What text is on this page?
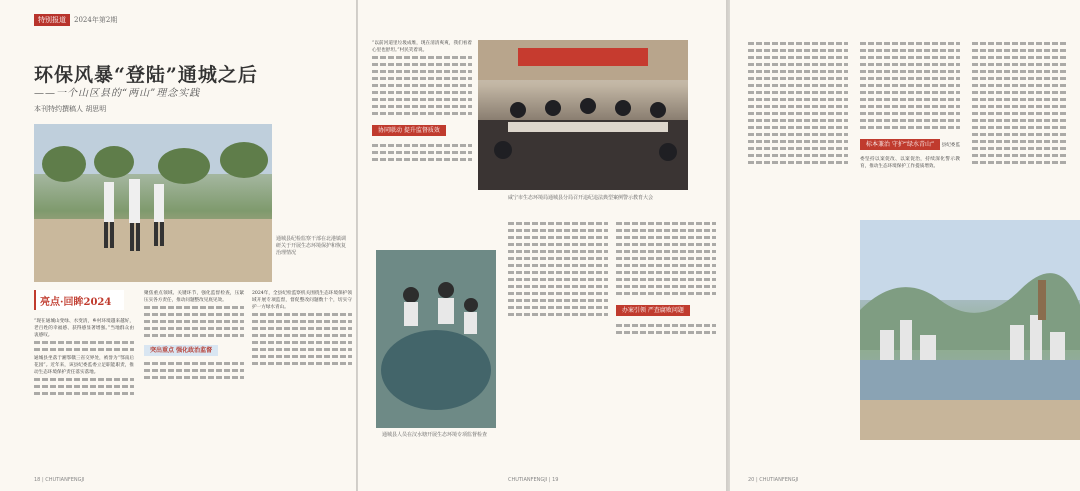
特别报道	2024年第2期
环保风暴“登陆”通城之后
——一个山区县的“两山”理念实践
本刊特约撰稿人 胡思明
通城县纪检监察干部在北港镇调研关于开展生态环境保护和恢复治理情况
亮点·回眸2024
“现在通城山变绿、水变清，乡村环境越来越好，老百姓的幸福感、获得感显著增强。”当地群众由衷感叹。
通城县坐落于湘鄂赣三省交界处，被誉为“鄂南后花园”。近年来，该县纪委监委立足职能职责，推动生态环境保护责任落实落地。
聚焦重点领域、关键环节，强化监督检查，压紧压实各方责任，推动问题整改见底见效。
突出重点 强化政治监督
2024年，全县纪检监察机关围绕生态环境保护领域开展专项监督，督促整改问题数十个，切实守护一方绿水青山。
18 | CHUTIANFENGJI
“以前河道里垃圾成堆，现在清清爽爽，我们看着心里也舒坦。”村民笑着说。
协同联动 提升监督质效
咸宁市生态环境局通城县分局召开违纪违法典型案例警示教育大会
通城县人员在汉水塘开展生态环境专项监督检查
办案引领 严查腐败问题
CHUTIANFENGJI | 19
标本兼治 守护“绿水青山” 县纪委监委坚持以案促改、以案促治，持续深化警示教育，推动生态环境保护工作提质增效。
20 | CHUTIANFENGJI
